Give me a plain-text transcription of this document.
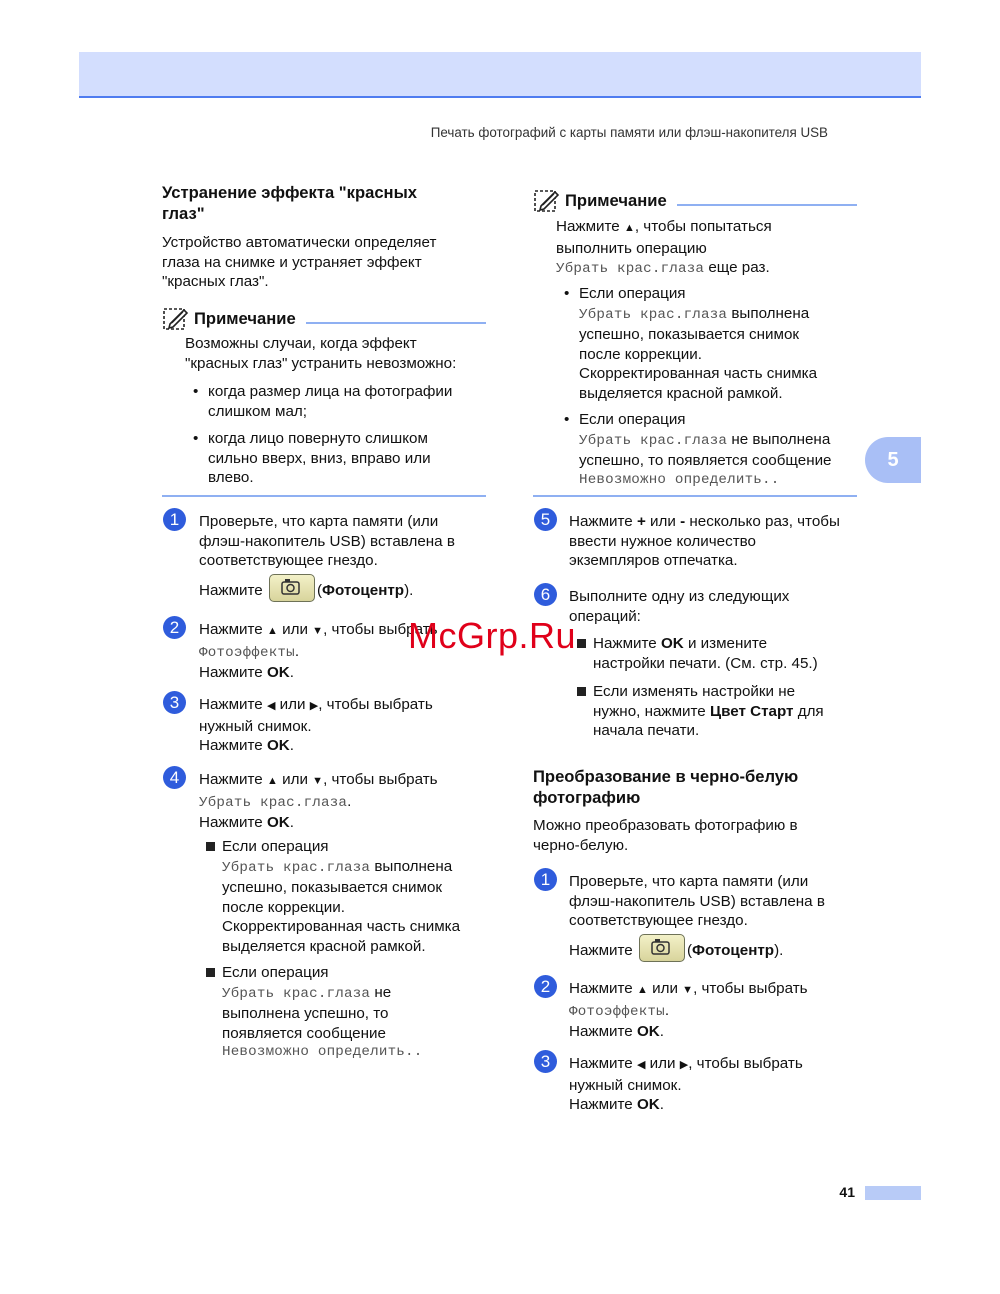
Печать фотографий с карты памяти или флэш-накопителя USB
5
Устранение эффекта "красных глаз"
Устройство автоматически определяет
глаза на снимке и устраняет эффект
"красных глаз".
Примечание
Возможны случаи, когда эффект
"красных глаз" устранить невозможно:
• когда размер лица на фотографии
слишком мал;
• когда лицо повернуто слишком
сильно вверх, вниз, вправо или
влево.
1	Проверьте, что карта памяти (или
флэш-накопитель USB) вставлена в
соответствующее гнездо.
Нажмите	(Фотоцентр).
2	Нажмите ▲ или ▼, чтобы выбрать
Фотоэффекты.
Нажмите OK.
3	Нажмите ◀ или ▶, чтобы выбрать
нужный снимок.
Нажмите OK.
4	Нажмите ▲ или ▼, чтобы выбрать
Убрать крас.глаза.
Нажмите OK.
Если операция
Убрать крас.глаза выполнена
успешно, показывается снимок
после коррекции.
Скорректированная часть снимка
выделяется красной рамкой.
Если операция
Убрать крас.глаза не
выполнена успешно, то
появляется сообщение
Невозможно определить..
Примечание
Нажмите ▲, чтобы попытаться
выполнить операцию
Убрать крас.глаза еще раз.
• Если операция
Убрать крас.глаза выполнена
успешно, показывается снимок
после коррекции.
Скорректированная часть снимка
выделяется красной рамкой.
• Если операция
Убрать крас.глаза не выполнена
успешно, то появляется сообщение
Невозможно определить..
5	Нажмите + или - несколько раз, чтобы
ввести нужное количество
экземпляров отпечатка.
6	Выполните одну из следующих
операций:
Нажмите OK и измените
настройки печати. (См. стр. 45.)
Если изменять настройки не
нужно, нажмите Цвет Старт для
начала печати.
Преобразование в черно-белую
фотографию
Можно преобразовать фотографию в
черно-белую.
1	Проверьте, что карта памяти (или
флэш-накопитель USB) вставлена в
соответствующее гнездо.
Нажмите	(Фотоцентр).
2	Нажмите ▲ или ▼, чтобы выбрать
Фотоэффекты.
Нажмите OK.
3	Нажмите ◀ или ▶, чтобы выбрать
нужный снимок.
Нажмите OK.
McGrp.Ru
41
